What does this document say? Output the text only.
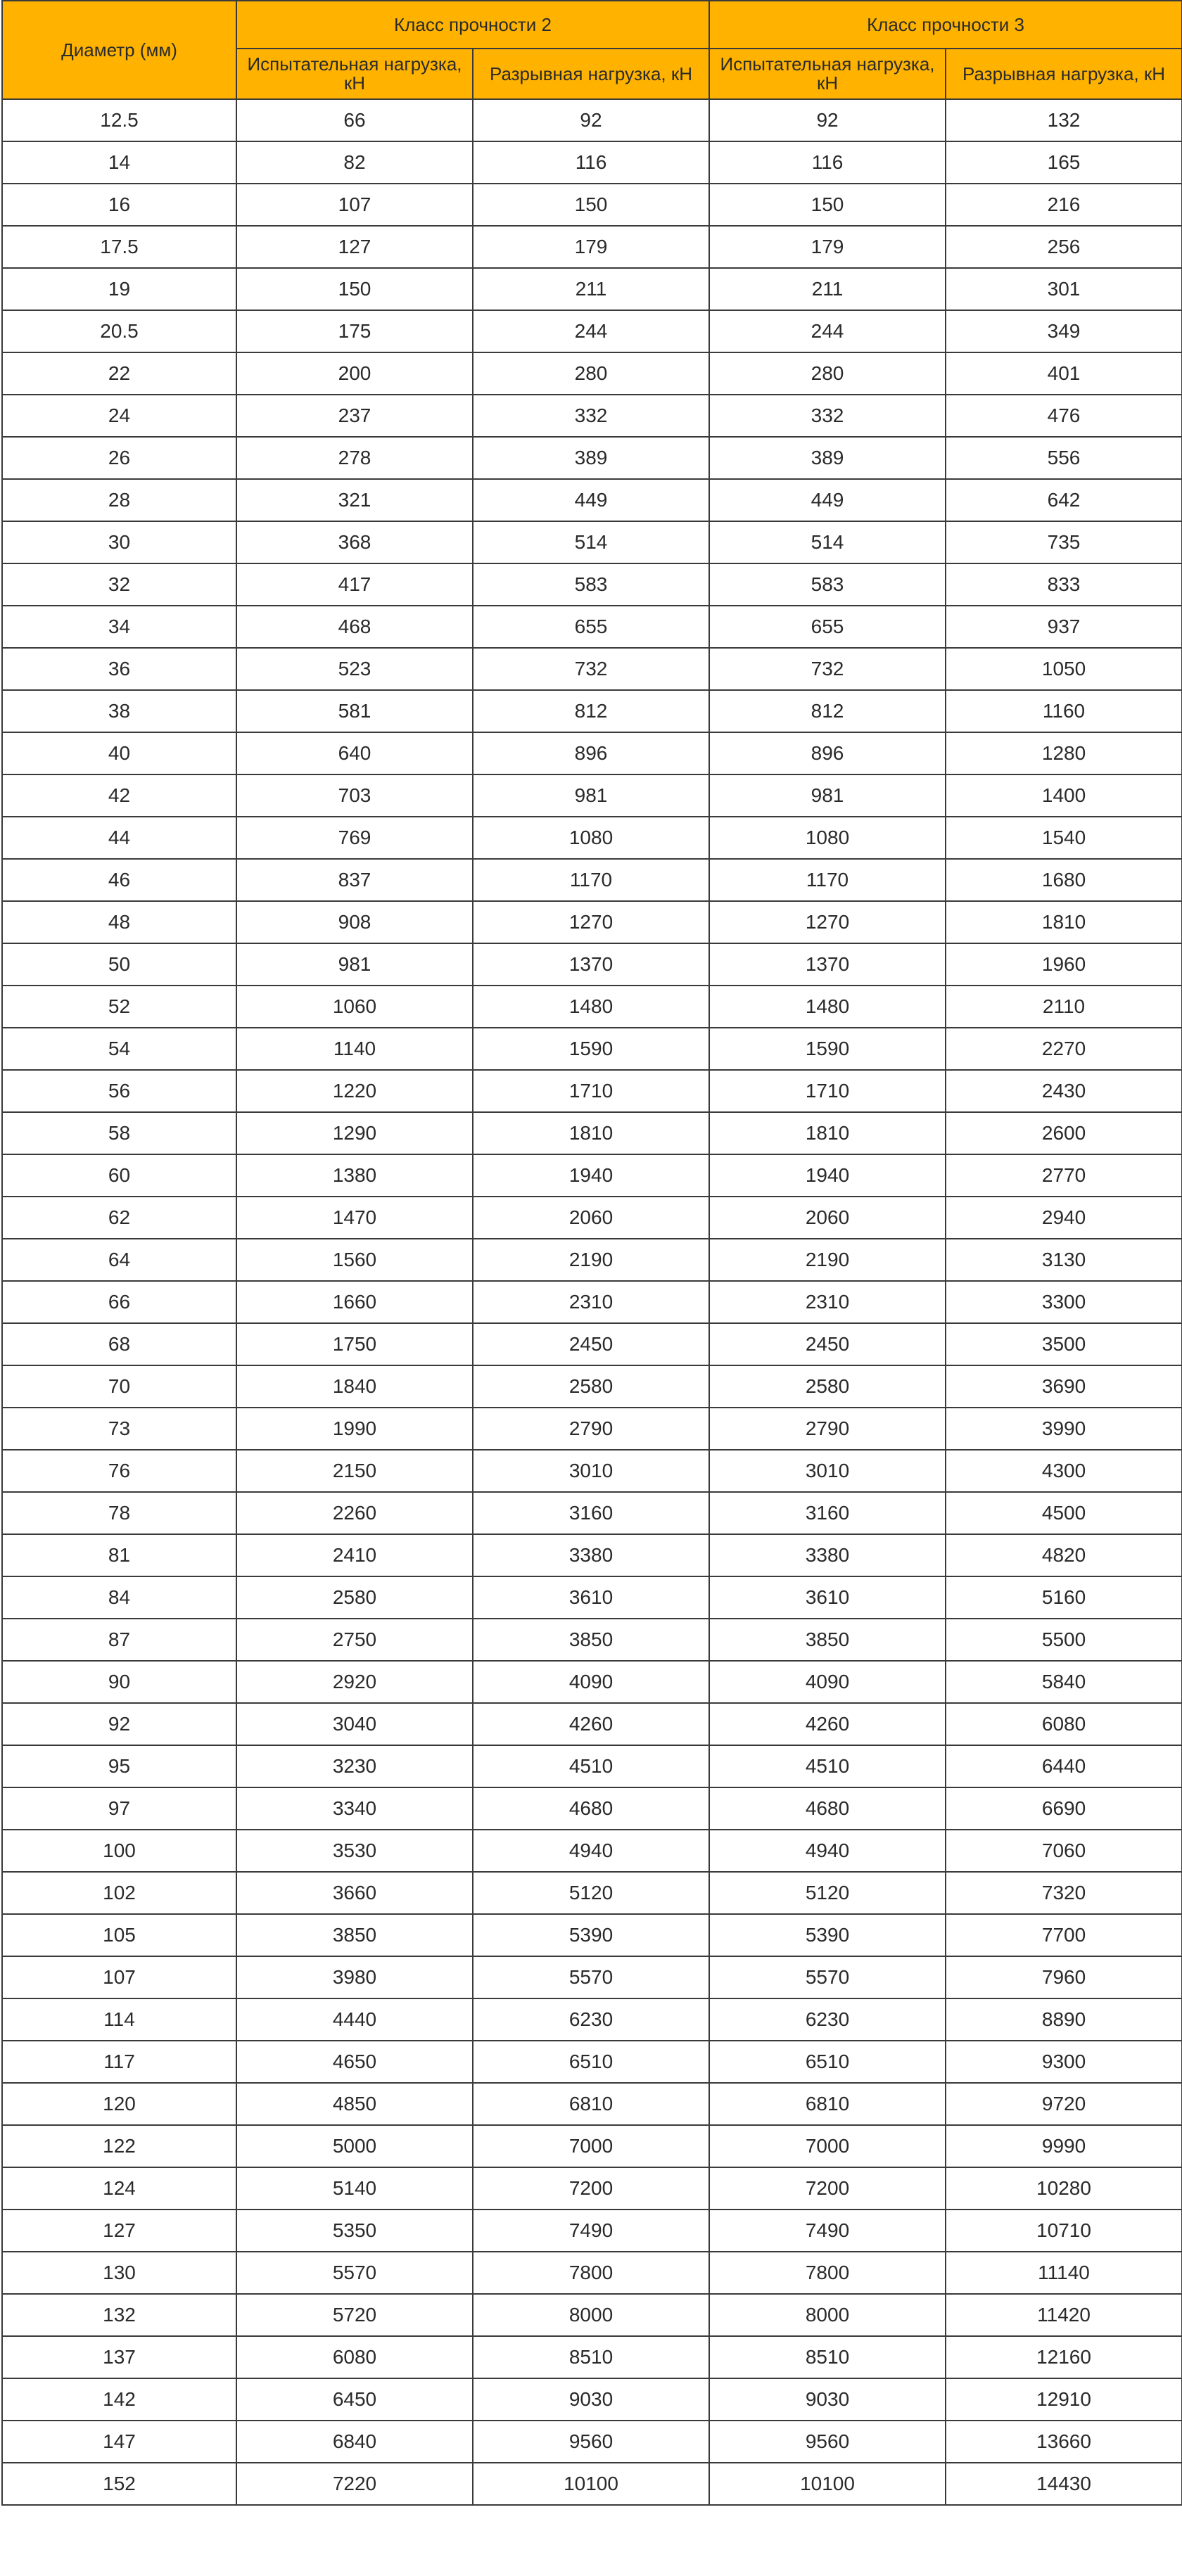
Диаметр (мм)	Класс прочности 2		Класс прочности 3	
	Испытательная нагрузка, кН	Разрывная нагрузка, кН	Испытательная нагрузка, кН	Разрывная нагрузка, кН
12.5	66	92	92	132
14	82	116	116	165
16	107	150	150	216
17.5	127	179	179	256
19	150	211	211	301
20.5	175	244	244	349
22	200	280	280	401
24	237	332	332	476
26	278	389	389	556
28	321	449	449	642
30	368	514	514	735
32	417	583	583	833
34	468	655	655	937
36	523	732	732	1050
38	581	812	812	1160
40	640	896	896	1280
42	703	981	981	1400
44	769	1080	1080	1540
46	837	1170	1170	1680
48	908	1270	1270	1810
50	981	1370	1370	1960
52	1060	1480	1480	2110
54	1140	1590	1590	2270
56	1220	1710	1710	2430
58	1290	1810	1810	2600
60	1380	1940	1940	2770
62	1470	2060	2060	2940
64	1560	2190	2190	3130
66	1660	2310	2310	3300
68	1750	2450	2450	3500
70	1840	2580	2580	3690
73	1990	2790	2790	3990
76	2150	3010	3010	4300
78	2260	3160	3160	4500
81	2410	3380	3380	4820
84	2580	3610	3610	5160
87	2750	3850	3850	5500
90	2920	4090	4090	5840
92	3040	4260	4260	6080
95	3230	4510	4510	6440
97	3340	4680	4680	6690
100	3530	4940	4940	7060
102	3660	5120	5120	7320
105	3850	5390	5390	7700
107	3980	5570	5570	7960
114	4440	6230	6230	8890
117	4650	6510	6510	9300
120	4850	6810	6810	9720
122	5000	7000	7000	9990
124	5140	7200	7200	10280
127	5350	7490	7490	10710
130	5570	7800	7800	11140
132	5720	8000	8000	11420
137	6080	8510	8510	12160
142	6450	9030	9030	12910
147	6840	9560	9560	13660
152	7220	10100	10100	14430
